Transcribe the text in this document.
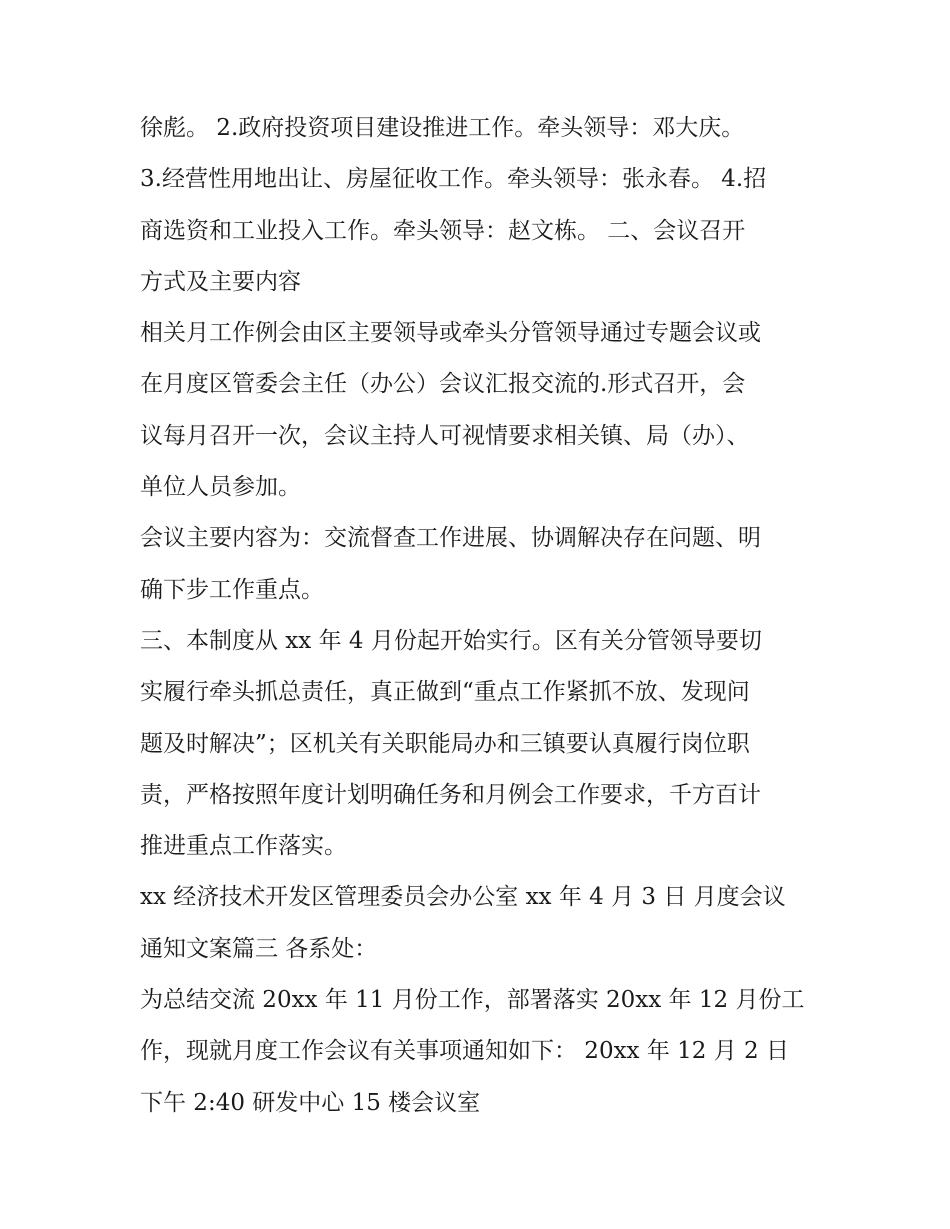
徐彪。 2.政府投资项目建设推进工作。牵头领导：邓大庆。
3.经营性用地出让、房屋征收工作。牵头领导：张永春。 4.招
商选资和工业投入工作。牵头领导：赵文栋。 二、会议召开
方式及主要内容
相关月工作例会由区主要领导或牵头分管领导通过专题会议或
在月度区管委会主任（办公）会议汇报交流的.形式召开，会
议每月召开一次，会议主持人可视情要求相关镇、局（办）、
单位人员参加。
会议主要内容为：交流督查工作进展、协调解决存在问题、明
确下步工作重点。
三、本制度从 xx 年 4 月份起开始实行。区有关分管领导要切
实履行牵头抓总责任，真正做到“重点工作紧抓不放、发现问
题及时解决”；区机关有关职能局办和三镇要认真履行岗位职
责，严格按照年度计划明确任务和月例会工作要求，千方百计
推进重点工作落实。
xx 经济技术开发区管理委员会办公室 xx 年 4 月 3 日 月度会议
通知文案篇三 各系处：
为总结交流 20xx 年 11 月份工作，部署落实 20xx 年 12 月份工
作，现就月度工作会议有关事项通知如下： 20xx 年 12 月 2 日
下午 2:40 研发中心 15 楼会议室
